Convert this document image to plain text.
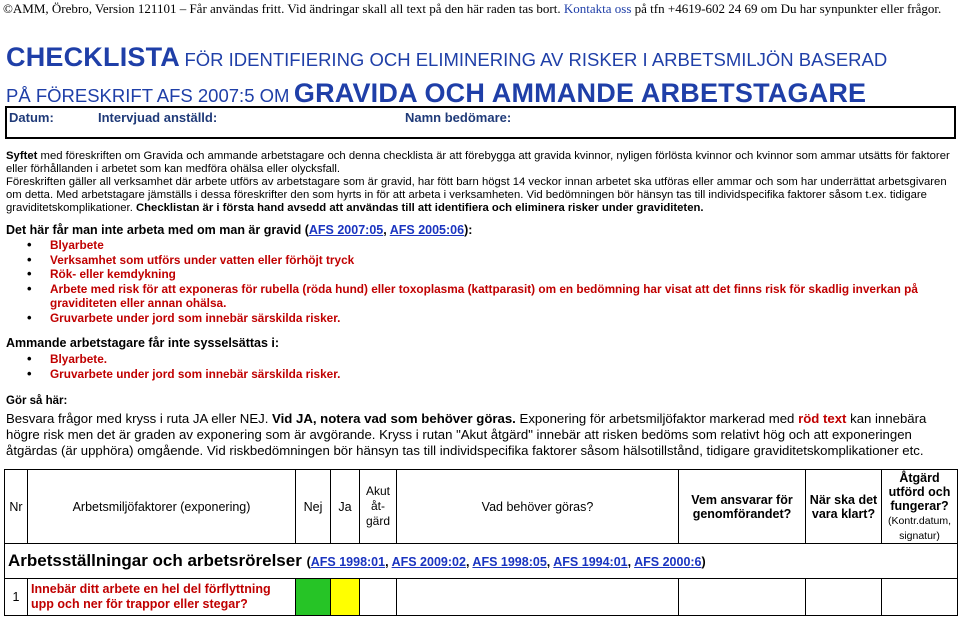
©AMM, Örebro, Version 121101 – Får användas fritt. Vid ändringar skall all text på den här raden tas bort. Kontakta oss på tfn +4619-602 24 69 om Du har synpunkter eller frågor.
CHECKLISTA FÖR IDENTIFIERING OCH ELIMINERING AV RISKER I ARBETSMILJÖN BASERAD
PÅ FÖRESKRIFT AFS 2007:5 OM GRAVIDA OCH AMMANDE ARBETSTAGARE
Datum:	Intervjuad anställd:	Namn bedömare:
Syftet med föreskriften om Gravida och ammande arbetstagare och denna checklista är att förebygga att gravida kvinnor, nyligen förlösta kvinnor och kvinnor som ammar utsätts för faktorer eller förhållanden i arbetet som kan medföra ohälsa eller olycksfall.
Föreskriften gäller all verksamhet där arbete utförs av arbetstagare som är gravid, har fött barn högst 14 veckor innan arbetet ska utföras eller ammar och som har underrättat arbetsgivaren om detta. Med arbetstagare jämställs i dessa föreskrifter den som hyrts in för att arbeta i verksamheten. Vid bedömningen bör hänsyn tas till individspecifika faktorer såsom t.ex. tidigare graviditetskomplikationer. Checklistan är i första hand avsedd att användas till att identifiera och eliminera risker under graviditeten.
Det här får man inte arbeta med om man är gravid (AFS 2007:05, AFS 2005:06):
• Blyarbete
• Verksamhet som utförs under vatten eller förhöjt tryck
• Rök- eller kemdykning
• Arbete med risk för att exponeras för rubella (röda hund) eller toxoplasma (kattparasit) om en bedömning har visat att det finns risk för skadlig inverkan på graviditeten eller annan ohälsa.
• Gruvarbete under jord som innebär särskilda risker.
Ammande arbetstagare får inte sysselsättas i:
• Blyarbete.
• Gruvarbete under jord som innebär särskilda risker.
Gör så här:
Besvara frågor med kryss i ruta JA eller NEJ. Vid JA, notera vad som behöver göras. Exponering för arbetsmiljöfaktor markerad med röd text kan innebära högre risk men det är graden av exponering som är avgörande. Kryss i rutan "Akut åtgärd" innebär att risken bedöms som relativt hög och att exponeringen åtgärdas (är upphöra) omgående. Vid riskbedömningen bör hänsyn tas till individspecifika faktorer såsom hälsotillstånd, tidigare graviditetskomplikationer etc.
Nr	Arbetsmiljöfaktorer (exponering)	Nej	Ja	Akut åt- gärd	Vad behöver göras?	Vem ansvarar för genomförandet?	När ska det vara klart?	Åtgärd utförd och fungerar?
(Kontr.datum, signatur)
Arbetsställningar och arbetsrörelser (AFS 1998:01, AFS 2009:02, AFS 1998:05, AFS 1994:01, AFS 2000:6)								
1	Innebär ditt arbete en hel del förflyttning upp och ner för trappor eller stegar?							
